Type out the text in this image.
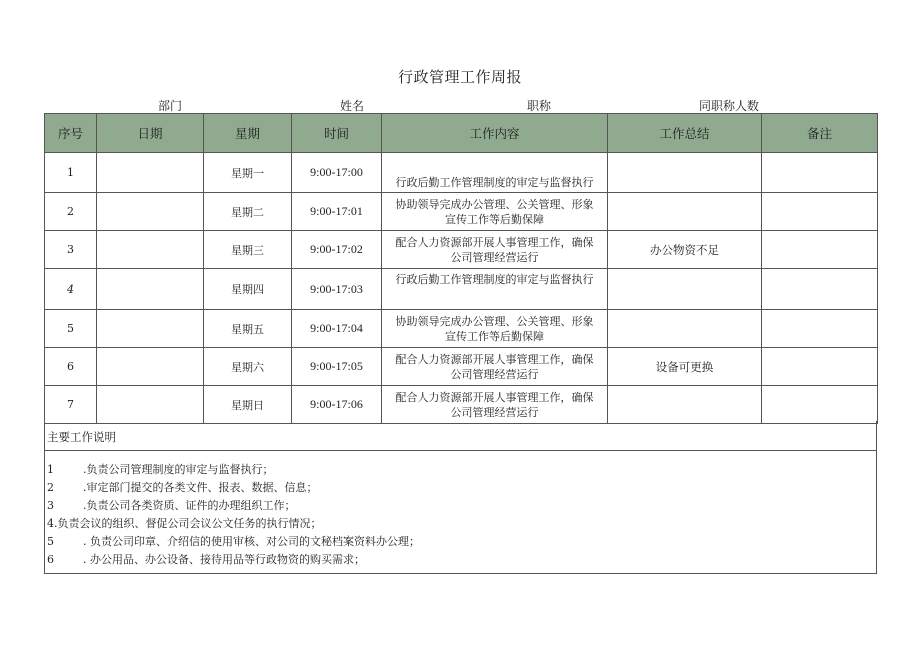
行政管理工作周报
部门	姓名	职称	同职称人数
序号	日期	星期	时间	工作内容	工作总结	备注
1		星期一	9:00-17:00	行政后勤工作管理制度的审定与监督执行		
2		星期二	9:00-17:01	协助领导完成办公管理、公关管理、形象
宣传工作等后勤保障		
3		星期三	9:00-17:02	配合人力资源部开展人事管理工作，确保
公司管理经营运行	办公物资不足	
4		星期四	9:00-17:03	行政后勤工作管理制度的审定与监督执行		
5		星期五	9:00-17:04	协助领导完成办公管理、公关管理、形象
宣传工作等后勤保障		
6		星期六	9:00-17:05	配合人力资源部开展人事管理工作，确保
公司管理经营运行	设备可更换	
7		星期日	9:00-17:06	配合人力资源部开展人事管理工作，确保
公司管理经营运行		
主要工作说明
1	.负责公司管理制度的审定与监督执行；
2	.审定部门提交的各类文件、报表、数据、信息；
3	.负责公司各类资质、证件的办理组织工作；
4.负责会议的组织、督促公司会议公文任务的执行情况；
5	. 负责公司印章、介绍信的使用审核、对公司的文秘档案资料办公理；
6	. 办公用品、办公设备、接待用品等行政物资的购买需求；
